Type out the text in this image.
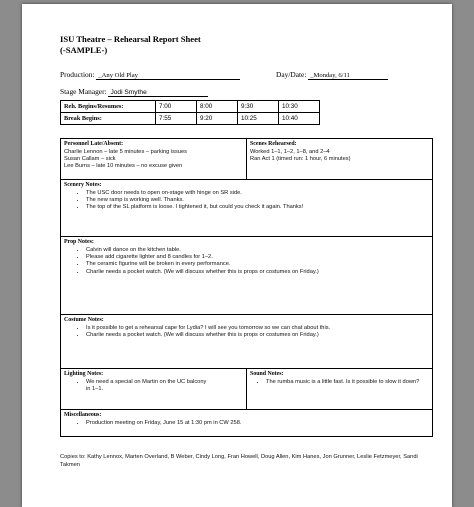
ISU Theatre – Rehearsal Report Sheet
(-SAMPLE-)
Production: _Any Old Play	Day/Date: _Monday, 6/11
Stage Manager: Jodi Smythe
Reh. Begins/Resumes:	7:00	8:00	9:30	10:30
Break Begins:	7:55	9:20	10:25	10:40
Personnel Late/Absent:
Charlie Lennon – late 5 minutes – parking issues
Susan Callam – sick
Lee Burns – late 10 minutes – no excuse given
Scenes Rehearsed:
Worked 1–1, 1–2, 1–8, and 2–4
Ran Act 1 (timed run: 1 hour, 6 minutes)
Scenery Notes:
• The USC door needs to open on-stage with hinge on SR side.
• The new ramp is working well. Thanks.
• The top of the SL platform is loose. I tightened it, but could you check it again. Thanks!
Prop Notes:
• Calvin will dance on the kitchen table.
• Please add cigarette lighter and 8 candles for 1–2.
• The ceramic figurine will be broken in every performance.
• Charlie needs a pocket watch. (We will discuss whether this is props or costumes on Friday.)
Costume Notes:
• Is it possible to get a rehearsal cape for Lydia? I will see you tomorrow so we can chat about this.
• Charlie needs a pocket watch. (We will discuss whether this is props or costumes on Friday.)
Lighting Notes:
• We need a special on Martin on the UC balcony
in 1–1.
Sound Notes:
• The rumba music is a little fast. Is it possible to slow it down?
Miscellaneous:
• Production meeting on Friday, June 15 at 1:30 pm in CW 258.
Copies to: Kathy Lennox, Marten Overland, B Weber, Cindy Long, Fran Howell, Doug Allen, Kim Hanes, Jon Grunner, Leslie Fetzmeyer, Sandi Takmen
